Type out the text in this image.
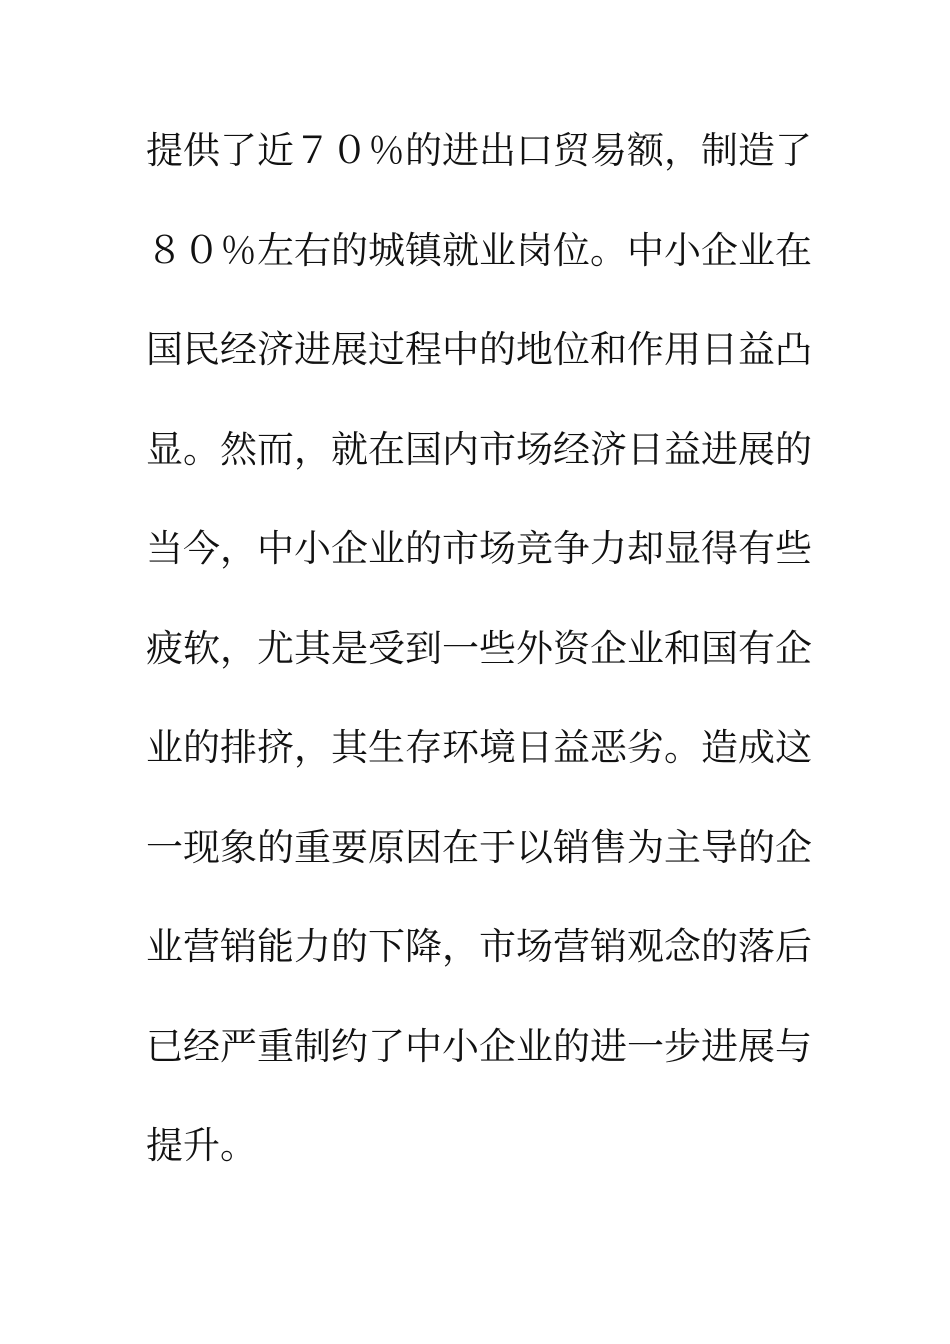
提供了近７０％的进出口贸易额，制造了
８０％左右的城镇就业岗位。中小企业在
国民经济进展过程中的地位和作用日益凸
显。然而，就在国内市场经济日益进展的
当今，中小企业的市场竞争力却显得有些
疲软，尤其是受到一些外资企业和国有企
业的排挤，其生存环境日益恶劣。造成这
一现象的重要原因在于以销售为主导的企
业营销能力的下降，市场营销观念的落后
已经严重制约了中小企业的进一步进展与
提升。
